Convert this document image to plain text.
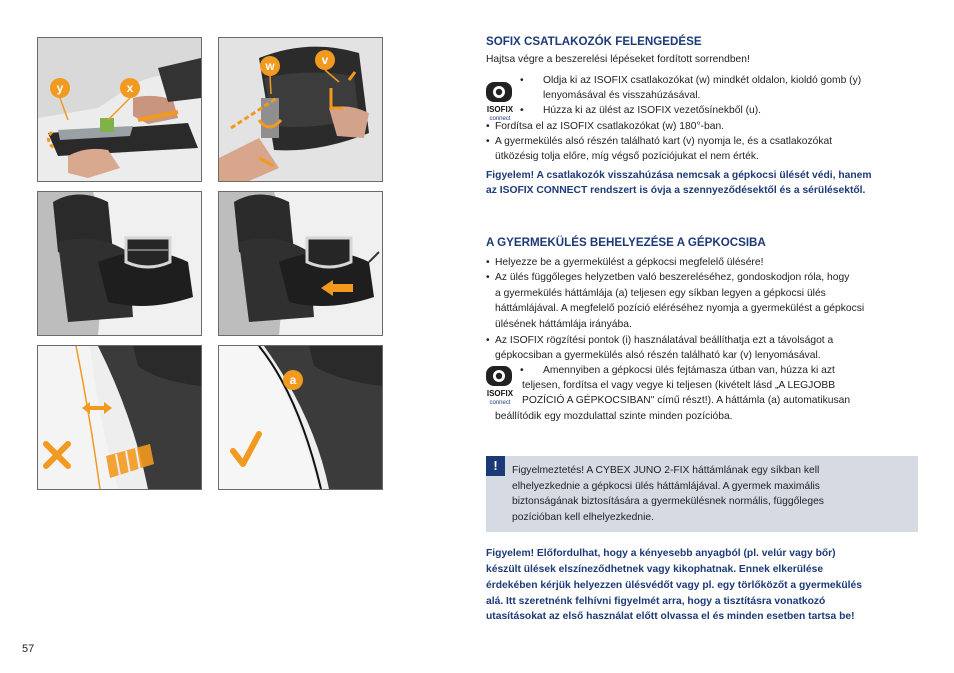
y	x
w	v
a
SOFIX CSATLAKOZÓK FELENGEDÉSE
Hajtsa végre a beszerelési lépéseket fordított sorrendben!
ISOFIX
connect
• Oldja ki az ISOFIX csatlakozókat (w) mindkét oldalon, kioldó gomb (y)
lenyomásával és visszahúzásával.
• Húzza ki az ülést az ISOFIX vezetősínekből (u).
• Fordítsa el az ISOFIX csatlakozókat (w) 180°-ban.
• A gyermekülés alsó részén található kart (v) nyomja le, és a csatlakozókat
ütközésig tolja előre, míg végső pozíciójukat el nem érték.
Figyelem! A csatlakozók visszahúzása nemcsak a gépkocsi ülését védi, hanem
az ISOFIX CONNECT rendszert is óvja a szennyeződésektől és a sérülésektől.
A GYERMEKÜLÉS BEHELYEZÉSE A GÉPKOCSIBA
• Helyezze be a gyermekülést a gépkocsi megfelelő ülésére!
• Az ülés függőleges helyzetben való beszereléséhez, gondoskodjon róla, hogy
a gyermekülés háttámlája (a) teljesen egy síkban legyen a gépkocsi ülés
háttámlájával. A megfelelő pozíció eléréséhez nyomja a gyermekülést a gépkocsi
ülésének háttámlája irányába.
• Az ISOFIX rögzítési pontok (i) használatával beállíthatja ezt a távolságot a
gépkocsiban a gyermekülés alsó részén található kar (v) lenyomásával.
ISOFIX
connect
• Amennyiben a gépkocsi ülés fejtámasza útban van, húzza ki azt
teljesen, fordítsa el vagy vegye ki teljesen (kivételt lásd „A LEGJOBB
POZÍCIÓ A GÉPKOCSIBAN" című részt!). A háttámla (a) automatikusan
beállítódik egy mozdulattal szinte minden pozícióba.
!	Figyelmeztetés! A CYBEX JUNO 2-FIX háttámlának egy síkban kell
elhelyezkednie a gépkocsi ülés háttámlájával. A gyermek maximális
biztonságának biztosítására a gyermekülésnek normális, függőleges
pozícióban kell elhelyezkednie.
Figyelem! Előfordulhat, hogy a kényesebb anyagból (pl. velúr vagy bőr)
készült ülések elszíneződhetnek vagy kikophatnak. Ennek elkerülése
érdekében kérjük helyezzen ülésvédőt vagy pl. egy törlőközőt a gyermekülés
alá. Itt szeretnénk felhívni figyelmét arra, hogy a tisztításra vonatkozó
utasításokat az első használat előtt olvassa el és minden esetben tartsa be!
57
